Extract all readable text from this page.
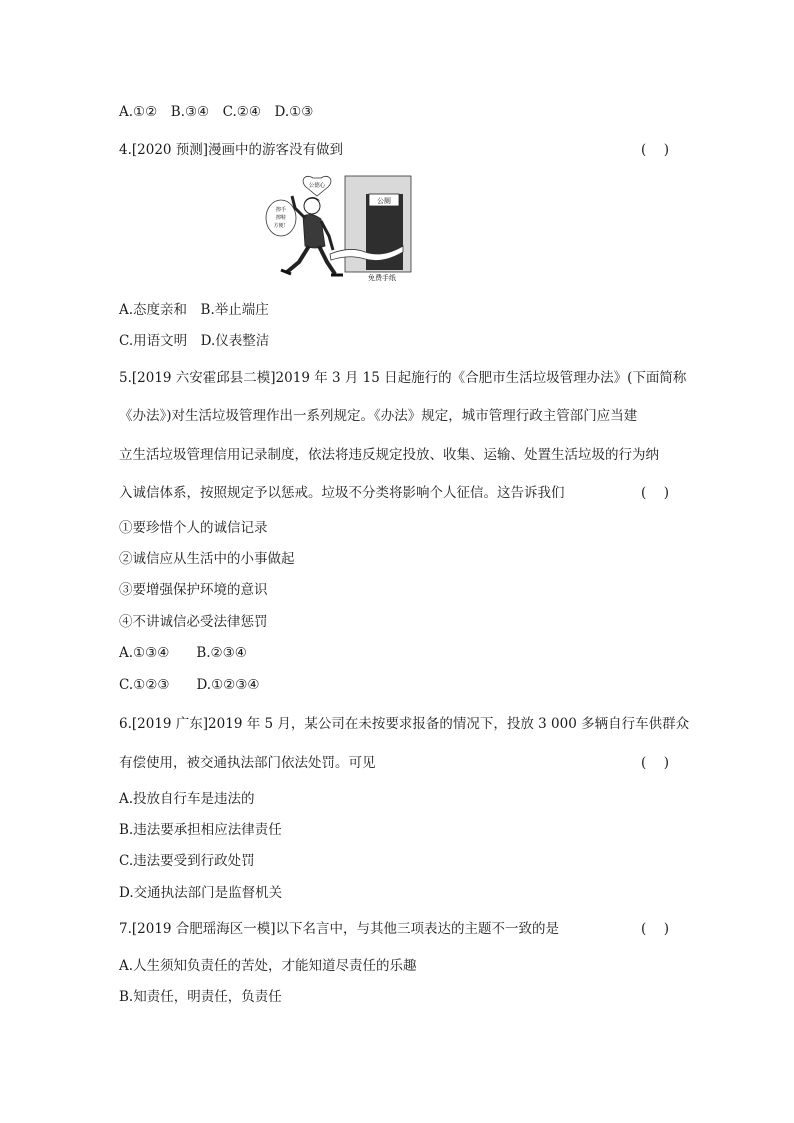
A.①②　B.③④　C.②④　D.①③
4.[2020 预测]漫画中的游客没有做到	(　)
公厕
免费手纸
公德心
擦手
擦鞋
方便！
A.态度亲和　B.举止端庄
C.用语文明　D.仪表整洁
5.[2019 六安霍邱县二模]2019 年 3 月 15 日起施行的《合肥市生活垃圾管理办法》(下面简称
《办法》)对生活垃圾管理作出一系列规定。《办法》规定，城市管理行政主管部门应当建
立生活垃圾管理信用记录制度，依法将违反规定投放、收集、运输、处置生活垃圾的行为纳
入诚信体系，按照规定予以惩戒。垃圾不分类将影响个人征信。这告诉我们	(　)
①要珍惜个人的诚信记录
②诚信应从生活中的小事做起
③要增强保护环境的意识
④不讲诚信必受法律惩罚
A.①③④　　B.②③④
C.①②③　　D.①②③④
6.[2019 广东]2019 年 5 月，某公司在未按要求报备的情况下，投放 3 000 多辆自行车供群众
有偿使用，被交通执法部门依法处罚。可见	(　)
A.投放自行车是违法的
B.违法要承担相应法律责任
C.违法要受到行政处罚
D.交通执法部门是监督机关
7.[2019 合肥瑶海区一模]以下名言中，与其他三项表达的主题不一致的是	(　)
A.人生须知负责任的苦处，才能知道尽责任的乐趣
B.知责任，明责任，负责任
